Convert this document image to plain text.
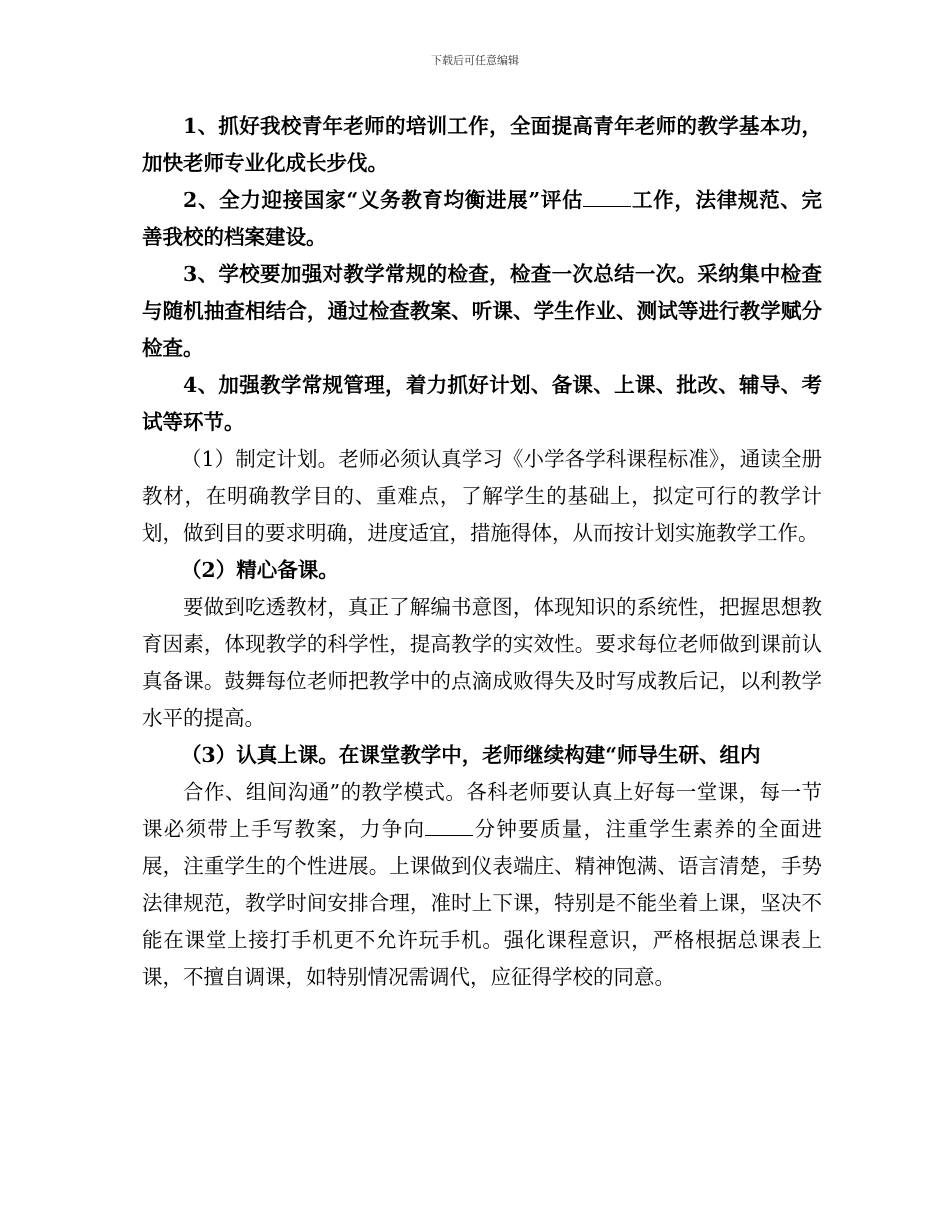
下载后可任意编辑

1、抓好我校青年老师的培训工作，全面提高青年老师的教学基本功，加快老师专业化成长步伐。

2、全力迎接国家“义务教育均衡进展”评估 工作，法律规范、完善我校的档案建设。

3、学校要加强对教学常规的检查，检查一次总结一次。采纳集中检查与随机抽查相结合，通过检查教案、听课、学生作业、测试等进行教学赋分检查。

4、加强教学常规管理，着力抓好计划、备课、上课、批改、辅导、考试等环节。

（1）制定计划。老师必须认真学习《小学各学科课程标准》，通读全册教材，在明确教学目的、重难点，了解学生的基础上，拟定可行的教学计划，做到目的要求明确，进度适宜，措施得体，从而按计划实施教学工作。

（2）精心备课。

要做到吃透教材，真正了解编书意图，体现知识的系统性，把握思想教育因素，体现教学的科学性，提高教学的实效性。要求每位老师做到课前认真备课。鼓舞每位老师把教学中的点滴成败得失及时写成教后记，以利教学水平的提高。

（3）认真上课。在课堂教学中，老师继续构建“师导生研、组内

合作、组间沟通”的教学模式。各科老师要认真上好每一堂课，每一节课必须带上手写教案，力争向 分钟要质量，注重学生素养的全面进展，注重学生的个性进展。上课做到仪表端庄、精神饱满、语言清楚，手势法律规范，教学时间安排合理，准时上下课，特别是不能坐着上课，坚决不能在课堂上接打手机更不允许玩手机。强化课程意识，严格根据总课表上课，不擅自调课，如特别情况需调代，应征得学校的同意。
